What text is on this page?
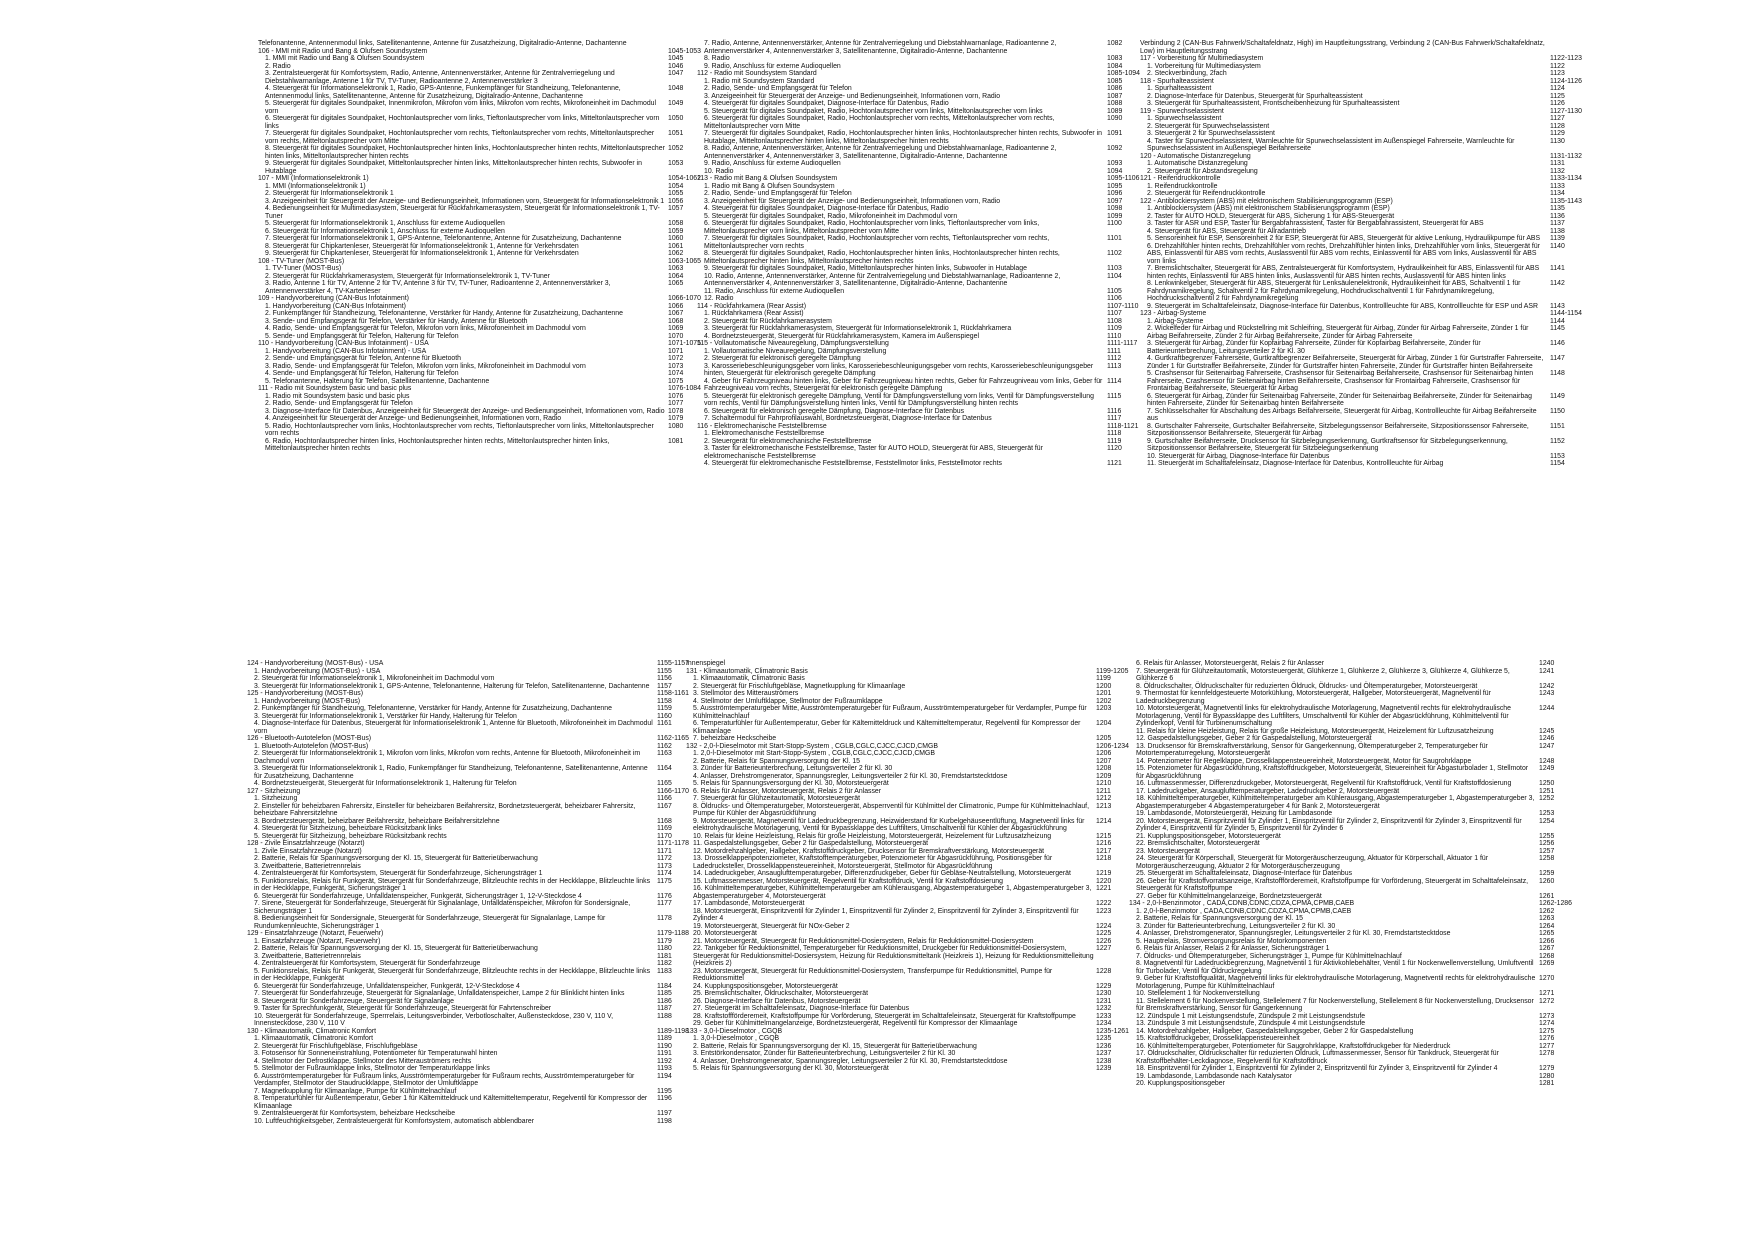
Telefonantenne, Antennenmodul links, Satellitenantenne, Antenne für Zusatzheizung, Digitalradio-Antenne, Dachantenne
106 - MMI mit Radio und Bang & Olufsen Soundsystem	1045-1053
1. MMI mit Radio und Bang & Olufsen Soundsystem	1045
2. Radio	1046
3. Zentralsteuergerät für Komfortsystem, Radio, Antenne, Antennenverstärker, Antenne für Zentralverriegelung und Diebstahlwarnanlage, Antenne 1 für TV, TV-Tuner, Radioantenne 2, Antennenverstärker 3
1047
4. Steuergerät für Informationselektronik 1, Radio, GPS-Antenne, Funkempfänger für Standheizung, Telefonantenne, Antennenmodul links, Satellitenantenne, Antenne für Zusatzheizung, Digitalradio-Antenne, Dachantenne
1048
5. Steuergerät für digitales Soundpaket, Innenmikrofon, Mikrofon vorn links, Mikrofon vorn rechts, Mikrofoneinheit im Dachmodul vorn
1049
6. Steuergerät für digitales Soundpaket, Hochtonlautsprecher vorn links, Tieftonlautsprecher vorn links, Mitteltonlautsprecher vorn links
1050
7. Steuergerät für digitales Soundpaket, Hochtonlautsprecher vorn rechts, Tieftonlautsprecher vorn rechts, Mitteltonlautsprecher vorn rechts, Mitteltonlautsprecher vorn Mitte
1051
8. Steuergerät für digitales Soundpaket, Hochtonlautsprecher hinten links, Hochtonlautsprecher hinten rechts, Mitteltonlautsprecher hinten links, Mitteltonlautsprecher hinten rechts
1052
9. Steuergerät für digitales Soundpaket, Mitteltonlautsprecher hinten links, Mitteltonlautsprecher hinten rechts, Subwoofer in Hutablage
1053
107 - MMI (Informationselektronik 1)	1054-1062
1. MMI (Informationselektronik 1)	1054
2. Steuergerät für Informationselektronik 1	1055
3. Anzeigeeinheit für Steuergerät der Anzeige- und Bedienungseinheit, Informationen vorn, Steuergerät für Informationselektronik 1 1056
4. Bedienungseinheit für Multimediasystem, Steuergerät für Rückfahrkamerasystem, Steuergerät für Informationselektronik 1, TV-Tuner
1057
5. Steuergerät für Informationselektronik 1, Anschluss für externe Audioquellen	1058
6. Steuergerät für Informationselektronik 1, Anschluss für externe Audioquellen	1059
7. Steuergerät für Informationselektronik 1, GPS-Antenne, Telefonantenne, Antenne für Zusatzheizung, Dachantenne	1060
8. Steuergerät für Chipkartenleser, Steuergerät für Informationselektronik 1, Antenne für Verkehrsdaten	1061
9. Steuergerät für Chipkartenleser, Steuergerät für Informationselektronik 1, Antenne für Verkehrsdaten	1062
108 - TV-Tuner (MOST-Bus)	1063-1065
1. TV-Tuner (MOST-Bus)	1063
2. Steuergerät für Rückfahrkamerasystem, Steuergerät für Informationselektronik 1, TV-Tuner	1064
3. Radio, Antenne 1 für TV, Antenne 2 für TV, Antenne 3 für TV, TV-Tuner, Radioantenne 2, Antennenverstärker 3, Antennenverstärker 4, TV-Kartenleser
1065
109 - Handyvorbereitung (CAN-Bus Infotainment)	1066-1070
1. Handyvorbereitung (CAN-Bus Infotainment)	1066
2. Funkempfänger für Standheizung, Telefonantenne, Verstärker für Handy, Antenne für Zusatzheizung, Dachantenne	1067
3. Sende- und Empfangsgerät für Telefon, Verstärker für Handy, Antenne für Bluetooth	1068
4. Radio, Sende- und Empfangsgerät für Telefon, Mikrofon vorn links, Mikrofoneinheit im Dachmodul vorn	1069
5. Sende- und Empfangsgerät für Telefon, Halterung für Telefon	1070
110 - Handyvorbereitung (CAN-Bus Infotainment) - USA	1071-1075
1. Handyvorbereitung (CAN-Bus Infotainment) - USA	1071
2. Sende- und Empfangsgerät für Telefon, Antenne für Bluetooth	1072
3. Radio, Sende- und Empfangsgerät für Telefon, Mikrofon vorn links, Mikrofoneinheit im Dachmodul vorn	1073
4. Sende- und Empfangsgerät für Telefon, Halterung für Telefon	1074
5. Telefonantenne, Halterung für Telefon, Satellitenantenne, Dachantenne	1075
111 - Radio mit Soundsystem basic und basic plus	1076-1084
1. Radio mit Soundsystem basic und basic plus	1076
2. Radio, Sende- und Empfangsgerät für Telefon	1077
3. Diagnose-Interface für Datenbus, Anzeigeeinheit für Steuergerät der Anzeige- und Bedienungseinheit, Informationen vorn, Radio 1078
4. Anzeigeeinheit für Steuergerät der Anzeige- und Bedienungseinheit, Informationen vorn, Radio	1079
5. Radio, Hochtonlautsprecher vorn links, Hochtonlautsprecher vorn rechts, Tieftonlautsprecher vorn links, Mitteltonlautsprecher vorn rechts
1080
6. Radio, Hochtonlautsprecher hinten links, Hochtonlautsprecher hinten rechts, Mitteltonlautsprecher hinten links, Mitteltonlautsprecher hinten rechts
1081
7. Radio, Antenne, Antennenverstärker, Antenne für Zentralverriegelung und Diebstahlwarnanlage, Radioantenne 2, Antennenverstärker 4, Antennenverstärker 3, Satellitenantenne, Digitalradio-Antenne, Dachantenne
1082
8. Radio	1083
9. Radio, Anschluss für externe Audioquellen	1084
112 - Radio mit Soundsystem Standard	1085-1094
1. Radio mit Soundsystem Standard	1085
2. Radio, Sende- und Empfangsgerät für Telefon	1086
3. Anzeigeeinheit für Steuergerät der Anzeige- und Bedienungseinheit, Informationen vorn, Radio	1087
4. Steuergerät für digitales Soundpaket, Diagnose-Interface für Datenbus, Radio	1088
5. Steuergerät für digitales Soundpaket, Radio, Hochtonlautsprecher vorn links, Mitteltonlautsprecher vorn links	1089
6. Steuergerät für digitales Soundpaket, Radio, Hochtonlautsprecher vorn rechts, Mitteltonlautsprecher vorn rechts, Mitteltonlautsprecher vorn Mitte
1090
7. Steuergerät für digitales Soundpaket, Radio, Hochtonlautsprecher hinten links, Hochtonlautsprecher hinten rechts, Subwoofer in Hutablage, Mitteltonlautsprecher hinten links, Mitteltonlautsprecher hinten rechts
1091
8. Radio, Antenne, Antennenverstärker, Antenne für Zentralverriegelung und Diebstahlwarnanlage, Radioantenne 2, Antennenverstärker 4, Antennenverstärker 3, Satellitenantenne, Digitalradio-Antenne, Dachantenne
1092
9. Radio, Anschluss für externe Audioquellen	1093
10. Radio	1094
113 - Radio mit Bang & Olufsen Soundsystem	1095-1106
1. Radio mit Bang & Olufsen Soundsystem	1095
2. Radio, Sende- und Empfangsgerät für Telefon	1096
3. Anzeigeeinheit für Steuergerät der Anzeige- und Bedienungseinheit, Informationen vorn, Radio	1097
4. Steuergerät für digitales Soundpaket, Diagnose-Interface für Datenbus, Radio	1098
5. Steuergerät für digitales Soundpaket, Radio, Mikrofoneinheit im Dachmodul vorn	1099
6. Steuergerät für digitales Soundpaket, Radio, Hochtonlautsprecher vorn links, Tieftonlautsprecher vorn links, Mitteltonlautsprecher vorn links, Mitteltonlautsprecher vorn Mitte
1100
7. Steuergerät für digitales Soundpaket, Radio, Hochtonlautsprecher vorn rechts, Tieftonlautsprecher vorn rechts, Mitteltonlautsprecher vorn rechts
1101
8. Steuergerät für digitales Soundpaket, Radio, Hochtonlautsprecher hinten links, Hochtonlautsprecher hinten rechts, Mitteltonlautsprecher hinten links, Mitteltonlautsprecher hinten rechts
1102
9. Steuergerät für digitales Soundpaket, Radio, Mitteltonlautsprecher hinten links, Subwoofer in Hutablage	1103
10. Radio, Antenne, Antennenverstärker, Antenne für Zentralverriegelung und Diebstahlwarnanlage, Radioantenne 2, Antennenverstärker 4, Antennenverstärker 3, Satellitenantenne, Digitalradio-Antenne, Dachantenne
1104
11. Radio, Anschluss für externe Audioquellen	1105
12. Radio	1106
114 - Rückfahrkamera (Rear Assist)	1107-1110
1. Rückfahrkamera (Rear Assist)	1107
2. Steuergerät für Rückfahrkamerasystem	1108
3. Steuergerät für Rückfahrkamerasystem, Steuergerät für Informationselektronik 1, Rückfahrkamera	1109
4. Bordnetzsteuergerät, Steuergerät für Rückfahrkamerasystem, Kamera im Außenspiegel	1110
115 - Vollautomatische Niveauregelung, Dämpfungsverstellung	1111-1117
1. Vollautomatische Niveauregelung, Dämpfungsverstellung	1111
2. Steuergerät für elektronisch geregelte Dämpfung	1112
3. Karosseriebeschleunigungsgeber vorn links, Karosseriebeschleunigungsgeber vorn rechts, Karosseriebeschleunigungsgeber hinten, Steuergerät für elektronisch geregelte Dämpfung
1113
4. Geber für Fahrzeugniveau hinten links, Geber für Fahrzeugniveau hinten rechts, Geber für Fahrzeugniveau vorn links, Geber für Fahrzeugniveau vorn rechts, Steuergerät für elektronisch geregelte Dämpfung
1114
5. Steuergerät für elektronisch geregelte Dämpfung, Ventil für Dämpfungsverstellung vorn links, Ventil für Dämpfungsverstellung vorn rechts, Ventil für Dämpfungsverstellung hinten links, Ventil für Dämpfungsverstellung hinten rechts
1115
6. Steuergerät für elektronisch geregelte Dämpfung, Diagnose-Interface für Datenbus	1116
7. Schaltermodul für Fahrprofilauswahl, Bordnetzsteuergerät, Diagnose-Interface für Datenbus	1117
116 - Elektromechanische Feststellbremse	1118-1121
1. Elektromechanische Feststellbremse	1118
2. Steuergerät für elektromechanische Feststellbremse	1119
3. Taster für elektromechanische Feststellbremse, Taster für AUTO HOLD, Steuergerät für ABS, Steuergerät für elektromechanische Feststellbremse
1120
4. Steuergerät für elektromechanische Feststellbremse, Feststellmotor links, Feststellmotor rechts	1121
Verbindung 2 (CAN-Bus Fahrwerk/Schaltafeldnatz, High) im Hauptleitungsstrang, Verbindung 2 (CAN-Bus Fahrwerk/Schaltafeldnatz, Low) im Hauptleitungsstrang
117 - Vorbereitung für Multimediasystem	1122-1123
1. Vorbereitung für Multimediasystem	1122
2. Steckverbindung, 2fach	1123
118 - Spurhalteassistent	1124-1126
1. Spurhalteassistent	1124
2. Diagnose-Interface für Datenbus, Steuergerät für Spurhalteassistent	1125
3. Steuergerät für Spurhalteassistent, Frontscheibenheizung für Spurhalteassistent	1126
119 - Spurwechselassistent	1127-1130
1. Spurwechselassistent	1127
2. Steuergerät für Spurwechselassistent	1128
3. Steuergerät 2 für Spurwechselassistent	1129
4. Taster für Spurwechselassistent, Warnleuchte für Spurwechselassistent im Außenspiegel Fahrerseite, Warnleuchte für Spurwechselassistent im Außenspiegel Beifahrerseite
1130
120 - Automatische Distanzregelung	1131-1132
1. Automatische Distanzregelung	1131
2. Steuergerät für Abstandsregelung	1132
121 - Reifendruckkontrolle	1133-1134
1. Reifendruckkontrolle	1133
2. Steuergerät für Reifendruckkontrolle	1134
122 - Antiblockiersystem (ABS) mit elektronischem Stabilisierungsprogramm (ESP)	1135-1143
1. Antiblockiersystem (ABS) mit elektronischem Stabilisierungsprogramm (ESP)	1135
2. Taster für AUTO HOLD, Steuergerät für ABS, Sicherung 1 für ABS-Steuergerät	1136
3. Taster für ASR und ESP, Taster für Bergabfahrassistent, Taster für Bergabfahrassistent, Steuergerät für ABS	1137
4. Steuergerät für ABS, Steuergerät für Allradantrieb	1138
5. Sensoreinheit für ESP, Sensoreinheit 2 für ESP, Steuergerät für ABS, Steuergerät für aktive Lenkung, Hydraulikpumpe für ABS	1139
6. Drehzahlfühler hinten rechts, Drehzahlfühler vorn rechts, Drehzahlfühler hinten links, Drehzahlfühler vorn links, Steuergerät für ABS, Einlassventil für ABS vorn rechts, Auslassventil für ABS vorn rechts, Einlassventil für ABS vorn links, Auslassventil für ABS vorn links
1140
7. Bremslichtschalter, Steuergerät für ABS, Zentralsteuergerät für Komfortsystem, Hydraulikeinheit für ABS, Einlassventil für ABS hinten rechts, Einlassventil für ABS hinten links, Auslassventil für ABS hinten rechts, Auslassventil für ABS hinten links
1141
8. Lenkwinkelgeber, Steuergerät für ABS, Steuergerät für Lenksäulenelektronik, Hydraulikeinheit für ABS, Schaltventil 1 für Fahrdynamikregelung, Schaltventil 2 für Fahrdynamikregelung, Hochdruckschaltventil 1 für Fahrdynamikregelung, Hochdruckschaltventil 2 für Fahrdynamikregelung
1142
9. Steuergerät im Schalttafeleinsatz, Diagnose-Interface für Datenbus, Kontrollleuchte für ABS, Kontrollleuchte für ESP und ASR	1143
123 - Airbag-Systeme	1144-1154
1. Airbag-Systeme	1144
2. Wickelfeder für Airbag und Rückstellring mit Schleifring, Steuergerät für Airbag, Zünder für Airbag Fahrerseite, Zünder 1 für Airbag Beifahrerseite, Zünder 2 für Airbag Beifahrerseite, Zünder für Airbag Fahrerseite
1145
3. Steuergerät für Airbag, Zünder für Kopfairbag Fahrerseite, Zünder für Kopfairbag Beifahrerseite, Zünder für Batterieunterbrechung, Leitungsverteiler 2 für Kl. 30
1146
4. Gurtkraftbegrenzer Fahrerseite, Gurtkraftbegrenzer Beifahrerseite, Steuergerät für Airbag, Zünder 1 für Gurtstraffer Fahrerseite, Zünder 1 für Gurtstraffer Beifahrerseite, Zünder für Gurtstraffer hinten Fahrerseite, Zünder für Gurtstraffer hinten Beifahrerseite
1147
5. Crashsensor für Seitenairbag Fahrerseite, Crashsensor für Seitenairbag Beifahrerseite, Crashsensor für Seitenairbag hinten Fahrerseite, Crashsensor für Seitenairbag hinten Beifahrerseite, Crashsensor für Frontairbag Fahrerseite, Crashsensor für Frontairbag Beifahrerseite, Steuergerät für Airbag
1148
6. Steuergerät für Airbag, Zünder für Seitenairbag Fahrerseite, Zünder für Seitenairbag Beifahrerseite, Zünder für Seitenairbag hinten Fahrerseite, Zünder für Seitenairbag hinten Beifahrerseite
1149
7. Schlüsselschalter für Abschaltung des Airbags Beifahrerseite, Steuergerät für Airbag, Kontrollleuchte für Airbag Beifahrerseite aus
1150
8. Gurtschalter Fahrerseite, Gurtschalter Beifahrerseite, Sitzbelegungssensor Beifahrerseite, Sitzpositionssensor Fahrerseite, Sitzpositionssensor Beifahrerseite, Steuergerät für Airbag
1151
9. Gurtschalter Beifahrerseite, Drucksensor für Sitzbelegungserkennung, Gurtkraftsensor für Sitzbelegungserkennung, Sitzpositionssensor Beifahrerseite, Steuergerät für Sitzbelegungserkennung
1152
10. Steuergerät für Airbag, Diagnose-Interface für Datenbus	1153
11. Steuergerät im Schalttafeleinsatz, Diagnose-Interface für Datenbus, Kontrollleuchte für Airbag	1154
124 - Handyvorbereitung (MOST-Bus) - USA	1155-1157
1. Handyvorbereitung (MOST-Bus) - USA	1155
2. Steuergerät für Informationselektronik 1, Mikrofoneinheit im Dachmodul vorn	1156
3. Steuergerät für Informationselektronik 1, GPS-Antenne, Telefonantenne, Halterung für Telefon, Satellitenantenne, Dachantenne	1157
125 - Handyvorbereitung (MOST-Bus)	1158-1161
1. Handyvorbereitung (MOST-Bus)	1158
2. Funkempfänger für Standheizung, Telefonantenne, Verstärker für Handy, Antenne für Zusatzheizung, Dachantenne	1159
3. Steuergerät für Informationselektronik 1, Verstärker für Handy, Halterung für Telefon	1160
4. Diagnose-Interface für Datenbus, Steuergerät für Informationselektronik 1, Antenne für Bluetooth, Mikrofoneinheit im Dachmodul vorn
1161
126 - Bluetooth-Autotelefon (MOST-Bus)	1162-1165
1. Bluetooth-Autotelefon (MOST-Bus)	1162
2. Steuergerät für Informationselektronik 1, Mikrofon vorn links, Mikrofon vorn rechts, Antenne für Bluetooth, Mikrofoneinheit im Dachmodul vorn
1163
3. Steuergerät für Informationselektronik 1, Radio, Funkempfänger für Standheizung, Telefonantenne, Satellitenantenne, Antenne für Zusatzheizung, Dachantenne
1164
4. Bordnetzsteuergerät, Steuergerät für Informationselektronik 1, Halterung für Telefon	1165
127 - Sitzheizung	1166-1170
1. Sitzheizung	1166
2. Einsteller für beheizbaren Fahrersitz, Einsteller für beheizbaren Beifahrersitz, Bordnetzsteuergerät, beheizbarer Fahrersitz, beheizbare Fahrersitzlehne
1167
3. Bordnetzsteuergerät, beheizbarer Beifahrersitz, beheizbare Beifahrersitzlehne	1168
4. Steuergerät für Sitzheizung, beheizbare Rücksitzbank links	1169
5. Steuergerät für Sitzheizung, beheizbare Rücksitzbank rechts	1170
128 - Zivile Einsatzfahrzeuge (Notarzt)	1171-1178
1. Zivile Einsatzfahrzeuge (Notarzt)	1171
2. Batterie, Relais für Spannungsversorgung der Kl. 15, Steuergerät für Batterieüberwachung	1172
3. Zweitbatterie, Batterietrennrelais	1173
4. Zentralsteuergerät für Komfortsystem, Steuergerät für Sonderfahrzeuge, Sicherungsträger 1	1174
5. Funktionsrelais, Relais für Funkgerät, Steuergerät für Sonderfahrzeuge, Blitzleuchte rechts in der Heckklappe, Blitzleuchte links in der Heckklappe, Funkgerät, Sicherungsträger 1
1175
6. Steuergerät für Sonderfahrzeuge, Unfalldatenspeicher, Funkgerät, Sicherungsträger 1, 12-V-Steckdose 4	1176
7. Sirene, Steuergerät für Sonderfahrzeuge, Steuergerät für Signalanlage, Unfalldatenspeicher, Mikrofon für Sondersignale, Sicherungsträger 1
1177
8. Bedienungseinheit für Sondersignale, Steuergerät für Sonderfahrzeuge, Steuergerät für Signalanlage, Lampe für Rundumkennleuchte, Sicherungsträger 1
1178
129 - Einsatzfahrzeuge (Notarzt, Feuerwehr)	1179-1188
1. Einsatzfahrzeuge (Notarzt, Feuerwehr)	1179
2. Batterie, Relais für Spannungsversorgung der Kl. 15, Steuergerät für Batterieüberwachung	1180
3. Zweitbatterie, Batterietrennrelais	1181
4. Zentralsteuergerät für Komfortsystem, Steuergerät für Sonderfahrzeuge	1182
5. Funktionsrelais, Relais für Funkgerät, Steuergerät für Sonderfahrzeuge, Blitzleuchte rechts in der Heckklappe, Blitzleuchte links in der Heckklappe, Funkgerät
1183
6. Steuergerät für Sonderfahrzeuge, Unfalldatenspeicher, Funkgerät, 12-V-Steckdose 4	1184
7. Steuergerät für Sonderfahrzeuge, Steuergerät für Signalanlage, Unfalldatenspeicher, Lampe 2 für Blinklicht hinten links	1185
8. Steuergerät für Sonderfahrzeuge, Steuergerät für Signalanlage	1186
9. Taster für Sprechfunkgerät, Steuergerät für Sonderfahrzeuge, Steuergerät für Fahrtenschreiber	1187
10. Steuergerät für Sonderfahrzeuge, Sperrrelais, Leitungsverbinder, Verbotloschalter, Außensteckdose, 230 V, 110 V, Innensteckdose, 230 V, 110 V
1188
130 - Klimaautomatik, Climatronic Komfort	1189-1198
1. Klimaautomatik, Climatronic Komfort	1189
2. Steuergerät für Frischluftgebläse, Frischluftgebläse	1190
3. Fotosensor für Sonneneinstrahlung, Potentiometer für Temperaturwahl hinten	1191
4. Stellmotor der Defrostklappe, Stellmotor des Mitterauströmers rechts	1192
5. Stellmotor der Fußraumklappe links, Stellmotor der Temperaturklappe links	1193
6. Ausströmtemperaturgeber für Fußraum links, Ausströmtemperaturgeber für Fußraum rechts, Ausströmtemperaturgeber für Verdampfer, Stellmotor der Staudruckklappe, Stellmotor der Umluftklappe
1194
7. Magnetkupplung für Klimaanlage, Pumpe für Kühlmittelnachlauf	1195
8. Temperaturfühler für Außentemperatur, Geber 1 für Kältemitteldruck und Kältemitteltemperatur, Regelventil für Kompressor der Klimaanlage
1196
9. Zentralsteuergerät für Komfortsystem, beheizbare Heckscheibe	1197
10. Luftfeuchtigkeitsgeber, Zentralsteuergerät für Komfortsystem, automatisch abblendbarer	1198
Innenspiegel
131 - Klimaautomatik, Climatronic Basis	1199-1205
1. Klimaautomatik, Climatronic Basis	1199
2. Steuergerät für Frischluftgebläse, Magnetkupplung für Klimaanlage	1200
3. Stellmotor des Mitterauströmers	1201
4. Stellmotor der Umluftklappe, Stellmotor der Fußraumklappe	1202
5. Ausströmtemperaturgeber Mitte, Ausströmtemperaturgeber für Fußraum, Ausströmtemperaturgeber für Verdampfer, Pumpe für Kühlmittelnachlauf
1203
6. Temperaturfühler für Außentemperatur, Geber für Kältemitteldruck und Kältemitteltemperatur, Regelventil für Kompressor der Klimaanlage
1204
7. beheizbare Heckscheibe	1205
132 - 2,0-l-Dieselmotor mit Start-Stopp-System , CGLB,CGLC,CJCC,CJCD,CMGB	1206-1234
1. 2,0-l-Dieselmotor mit Start-Stopp-System , CGLB,CGLC,CJCC,CJCD,CMGB	1206
2. Batterie, Relais für Spannungsversorgung der Kl. 15	1207
3. Zünder für Batterieunterbrechung, Leitungsverteiler 2 für Kl. 30	1208
4. Anlasser, Drehstromgenerator, Spannungsregler, Leitungsverteiler 2 für Kl. 30, Fremdstartstecktdose	1209
5. Relais für Spannungsversorgung der Kl. 30, Motorsteuergerät	1210
6. Relais für Anlasser, Motorsteuergerät, Relais 2 für Anlasser	1211
7. Steuergerät für Glühzeitautomatik, Motorsteuergerät	1212
8. Öldrucks- und Öltemperaturgeber, Motorsteuergerät, Absperrventil für Kühlmittel der Climatronic, Pumpe für Kühlmittelnachlauf, Pumpe für Kühler der Abgasrückführung
1213
9. Motorsteuergerät, Magnetventil für Ladedruckbegrenzung, Heizwiderstand für Kurbelgehäuseentlüftung, Magnetventil links für elektrohydraulische Motorlagerung, Ventil für Bypassklappe des Luftfilters, Umschaltventil für Kühler der Abgasrückführung
1214
10. Relais für kleine Heizleistung, Relais für große Heizleistung, Motorsteuergerät, Heizelement für Luftzusatzheizung	1215
11. Gaspedalstellungsgeber, Geber 2 für Gaspedalstellung, Motorsteuergerät	1216
12. Motordrehzahlgeber, Hallgeber, Kraftstoffdruckgeber, Drucksensor für Bremskraftverstärkung, Motorsteuergerät	1217
13. Drosselklappenpotenziometer, Kraftstofftemperaturgeber, Potenziometer für Abgasrückführung, Positionsgeber für Ladedrucksteller, Drosselklappensteuereinheit, Motorsteuergerät, Stellmotor für Abgasrückführung
1218
14. Ladedruckgeber, Ansauglufttemperaturgeber, Differenzdruckgeber, Geber für Gebläse-Neutralstellung, Motorsteuergerät	1219
15. Luftmassenmesser, Motorsteuergerät, Regelventil für Kraftstoffdruck, Ventil für Kraftstoffdosierung	1220
16. Kühlmitteltemperaturgeber, Kühlmitteltemperaturgeber am Kühlerausgang, Abgastemperaturgeber 1, Abgastemperaturgeber 3, Abgastemperaturgeber 4, Motorsteuergerät
1221
17. Lambdasonde, Motorsteuergerät	1222
18. Motorsteuergerät, Einspritzventil für Zylinder 1, Einspritzventil für Zylinder 2, Einspritzventil für Zylinder 3, Einspritzventil für Zylinder 4
1223
19. Motorsteuergerät, Steuergerät für NOx-Geber 2	1224
20. Motorsteuergerät	1225
21. Motorsteuergerät, Steuergerät für Reduktionsmittel-Dosiersystem, Relais für Reduktionsmittel-Dosiersystem	1226
22. Tankgeber für Reduktionsmittel, Temperaturgeber für Reduktionsmittel, Druckgeber für Reduktionsmittel-Dosiersystem, Steuergerät für Reduktionsmittel-Dosiersystem, Heizung für Reduktionsmitteltank (Heizkreis 1), Heizung für Reduktionsmittelleitung (Heizkreis 2)
1227
23. Motorsteuergerät, Steuergerät für Reduktionsmittel-Dosiersystem, Transferpumpe für Reduktionsmittel, Pumpe für Reduktionsmittel
1228
24. Kupplungspositionsgeber, Motorsteuergerät	1229
25. Bremslichtschalter, Öldruckschalter, Motorsteuergerät	1230
26. Diagnose-Interface für Datenbus, Motorsteuergerät	1231
27. Steuergerät im Schalttafeleinsatz, Diagnose-Interface für Datenbus	1232
28. Kraftstoffförderemeit, Kraftstoffpumpe für Vorförderung, Steuergerät im Schalttafeleinsatz, Steuergerät für Kraftstoffpumpe	1233
29. Geber für Kühlmittelmangelanzeige, Bordnetzsteuergerät, Regelventil für Kompressor der Klimaanlage	1234
133 - 3,0-l-Dieselmotor , CGQB	1235-1261
1. 3,0-l-Dieselmotor , CGQB	1235
2. Batterie, Relais für Spannungsversorgung der Kl. 15, Steuergerät für Batterieüberwachung	1236
3. Entstörkondensator, Zünder für Batterieunterbrechung, Leitungsverteiler 2 für Kl. 30	1237
4. Anlasser, Drehstromgenerator, Spannungsregler, Leitungsverteiler 2 für Kl. 30, Fremdstartstecktdose	1238
5. Relais für Spannungsversorgung der Kl. 30, Motorsteuergerät	1239
6. Relais für Anlasser, Motorsteuergerät, Relais 2 für Anlasser	1240
7. Steuergerät für Glühzeitautomatik, Motorsteuergerät, Glühkerze 1, Glühkerze 2, Glühkerze 3, Glühkerze 4, Glühkerze 5, Glühkerze 6
1241
8. Öldruckschalter, Öldruckschalter für reduzierten Öldruck, Öldrucks- und Öltemperaturgeber, Motorsteuergerät	1242
9. Thermostat für kennfeldgesteuerte Motorkühlung, Motorsteuergerät, Hallgeber, Motorsteuergerät, Magnetventil für Ladedruckbegrenzung
1243
10. Motorsteuergerät, Magnetventil links für elektrohydraulische Motorlagerung, Magnetventil rechts für elektrohydraulische Motorlagerung, Ventil für Bypassklappe des Luftfilters, Umschaltventil für Kühler der Abgasrückführung, Kühlmittelventil für Zylinderkopf, Ventil für Turbinenumschaltung
1244
11. Relais für kleine Heizleistung, Relais für große Heizleistung, Motorsteuergerät, Heizelement für Luftzusatzheizung	1245
12. Gaspedalstellungsgeber, Geber 2 für Gaspedalstellung, Motorsteuergerät	1246
13. Drucksensor für Bremskraftverstärkung, Sensor für Gangerkennung, Öltemperaturgeber 2, Temperaturgeber für Motortemperaturregelung, Motorsteuergerät
1247
14. Potenziometer für Regelklappe, Drosselklappensteuereinheit, Motorsteuergerät, Motor für Saugrohrklappe	1248
15. Potenziometer für Abgasrückführung, Kraftstoffdruckgeber, Motorsteuergerät, Steuereinheit für Abgasturbolader 1, Stellmotor für Abgasrückführung
1249
16. Luftmassenmesser, Differenzdruckgeber, Motorsteuergerät, Regelventil für Kraftstoffdruck, Ventil für Kraftstoffdosierung	1250
17. Ladedruckgeber, Ansauglufttemperaturgeber, Ladedruckgeber 2, Motorsteuergerät	1251
18. Kühlmitteltemperaturgeber, Kühlmitteltemperaturgeber am Kühlerausgang, Abgastemperaturgeber 1, Abgastemperaturgeber 3, Abgastemperaturgeber 4 Abgastemperaturgeber 4 für Bank 2, Motorsteuergerät
1252
19. Lambdasonde, Motorsteuergerät, Heizung für Lambdasonde	1253
20. Motorsteuergerät, Einspritzventil für Zylinder 1, Einspritzventil für Zylinder 2, Einspritzventil für Zylinder 3, Einspritzventil für Zylinder 4, Einspritzventil für Zylinder 5, Einspritzventil für Zylinder 6
1254
21. Kupplungspositionsgeber, Motorsteuergerät	1255
22. Bremslichtschalter, Motorsteuergerät	1256
23. Motorsteuergerät	1257
24. Steuergerät für Körperschall, Steuergerät für Motorgeräuscherzeugung, Aktuator für Körperschall, Aktuator 1 für Motorgeräuscherzeugung, Aktuator 2 für Motorgeräuscherzeugung
1258
25. Steuergerät im Schalttafeleinsatz, Diagnose-Interface für Datenbus	1259
26. Geber für Kraftstoffvorratsanzeige, Kraftstoffförderemeit, Kraftstoffpumpe für Vorförderung, Steuergerät im Schalttafeleinsatz, Steuergerät für Kraftstoffpumpe
1260
27. Geber für Kühlmittelmangelanzeige, Bordnetzsteuergerät	1261
134 - 2,0-l-Benzinmotor , CADA,CDNB,CDNC,CDZA,CPMA,CPMB,CAEB	1262-1286
1. 2,0-l-Benzinmotor , CADA,CDNB,CDNC,CDZA,CPMA,CPMB,CAEB	1262
2. Batterie, Relais für Spannungsversorgung der Kl. 15	1263
3. Zünder für Batterieunterbrechung, Leitungsverteiler 2 für Kl. 30	1264
4. Anlasser, Drehstromgenerator, Spannungsregler, Leitungsverteiler 2 für Kl. 30, Fremdstartstecktdose	1265
5. Hauptrelais, Stromversorgungsrelais für Motorkomponenten	1266
6. Relais für Anlasser, Relais 2 für Anlasser, Sicherungsträger 1	1267
7. Öldrucks- und Öltemperaturgeber, Sicherungsträger 1, Pumpe für Kühlmittelnachlauf	1268
8. Magnetventil für Ladedruckbegrenzung, Magnetventil 1 für Aktivkohlebehälter, Ventil 1 für Nockenwellenverstellung, Umluftventil für Turbolader, Ventil für Öldruckregelung
1269
9. Geber für Kraftstoffqualität, Magnetventil links für elektrohydraulische Motorlagerung, Magnetventil rechts für elektrohydraulische Motorlagerung, Pumpe für Kühlmittelnachlauf
1270
10. Stellelement 1 für Nockenverstellung	1271
11. Stellelement 6 für Nockenverstellung, Stellelement 7 für Nockenverstellung, Stellelement 8 für Nockenverstellung, Drucksensor für Bremskraftverstärkung, Sensor für Gangerkennung
1272
12. Zündspule 1 mit Leistungsendstufe, Zündspule 2 mit Leistungsendstufe	1273
13. Zündspule 3 mit Leistungsendstufe, Zündspule 4 mit Leistungsendstufe	1274
14. Motordrehzahlgeber, Hallgeber, Gaspedalstellungsgeber, Geber 2 für Gaspedalstellung	1275
15. Kraftstoffdruckgeber, Drosselklappensteuereinheit	1276
16. Kühlmitteltemperaturgeber, Potentiometer für Saugrohrklappe, Kraftstoffdruckgeber für Niederdruck	1277
17. Öldruckschalter, Öldruckschalter für reduzierten Öldruck, Luftmassenmesser, Sensor für Tankdruck, Steuergerät für Kraftstoffbehälter-Leckdiagnose, Regelventil für Kraftstoffdruck
1278
18. Einspritzventil für Zylinder 1, Einspritzventil für Zylinder 2, Einspritzventil für Zylinder 3, Einspritzventil für Zylinder 4	1279
19. Lambdasonde, Lambdasonde nach Katalysator	1280
20. Kupplungspositionsgeber	1281
